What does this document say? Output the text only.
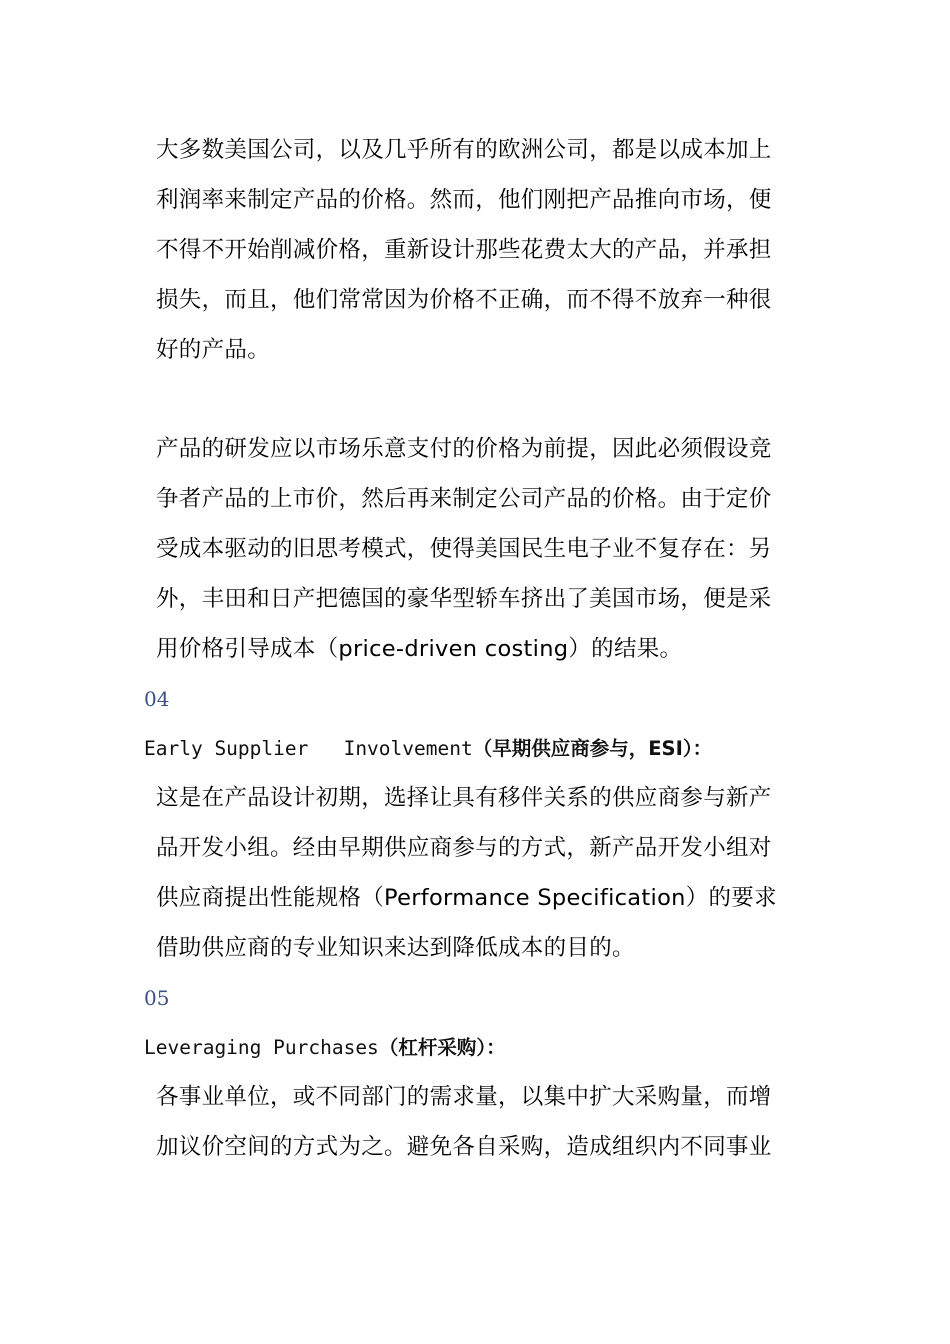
大多数美国公司，以及几乎所有的欧洲公司，都是以成本加上
利润率来制定产品的价格。然而，他们刚把产品推向市场，便
不得不开始削减价格，重新设计那些花费太大的产品，并承担
损失，而且，他们常常因为价格不正确，而不得不放弃一种很
好的产品。
产品的研发应以市场乐意支付的价格为前提，因此必须假设竞
争者产品的上市价，然后再来制定公司产品的价格。由于定价
受成本驱动的旧思考模式，使得美国民生电子业不复存在：另
外，丰田和日产把德国的豪华型轿车挤出了美国市场，便是采
用价格引导成本（price-driven costing）的结果。
04
Early Supplier   Involvement（早期供应商参与，ESI）：
这是在产品设计初期，选择让具有移伴关系的供应商参与新产
品开发小组。经由早期供应商参与的方式，新产品开发小组对
供应商提出性能规格（Performance Specification）的要求
借助供应商的专业知识来达到降低成本的目的。
05
Leveraging Purchases（杠杆采购）：
各事业单位，或不同部门的需求量，以集中扩大采购量，而增
加议价空间的方式为之。避免各自采购，造成组织内不同事业
